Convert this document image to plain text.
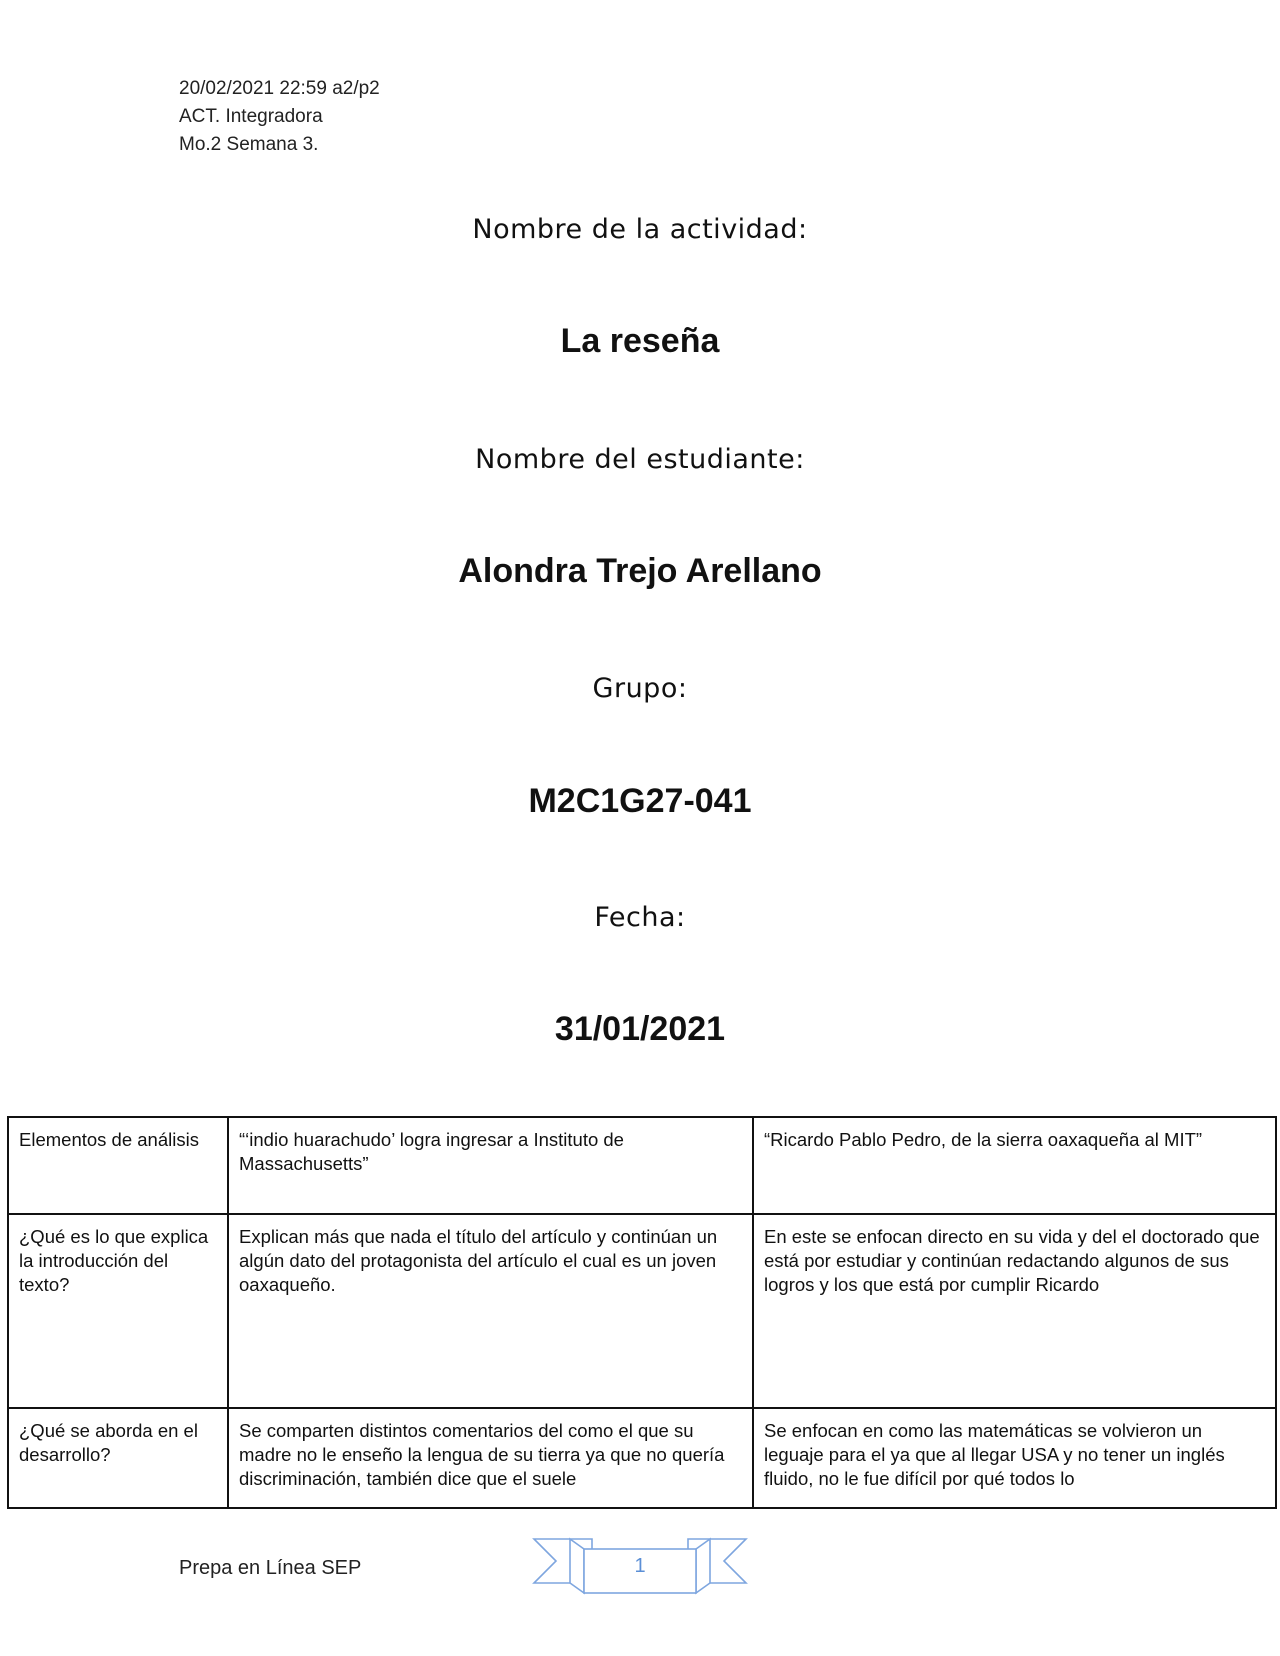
20/02/2021 22:59 a2/p2
ACT. Integradora
Mo.2 Semana 3.
Nombre de la actividad:
La reseña
Nombre del estudiante:
Alondra Trejo Arellano
Grupo:
M2C1G27-041
Fecha:
31/01/2021
Elementos de análisis	“‘indio huarachudo’ logra ingresar a Instituto de Massachusetts”	“Ricardo Pablo Pedro, de la sierra oaxaqueña al MIT”
¿Qué es lo que explica la introducción del texto?	Explican más que nada el título del artículo y continúan un algún dato del protagonista del artículo el cual es un joven oaxaqueño.	En este se enfocan directo en su vida y del el doctorado que está por estudiar y continúan redactando algunos de sus logros y los que está por cumplir Ricardo

¿Qué se aborda en el desarrollo?	Se comparten distintos comentarios del como el que su madre no le enseño la lengua de su tierra ya que no quería discriminación, también dice que el suele	Se enfocan en como las matemáticas se volvieron un leguaje para el ya que al llegar USA y no tener un inglés fluido, no le fue difícil por qué todos lo
Prepa en Línea SEP	1
